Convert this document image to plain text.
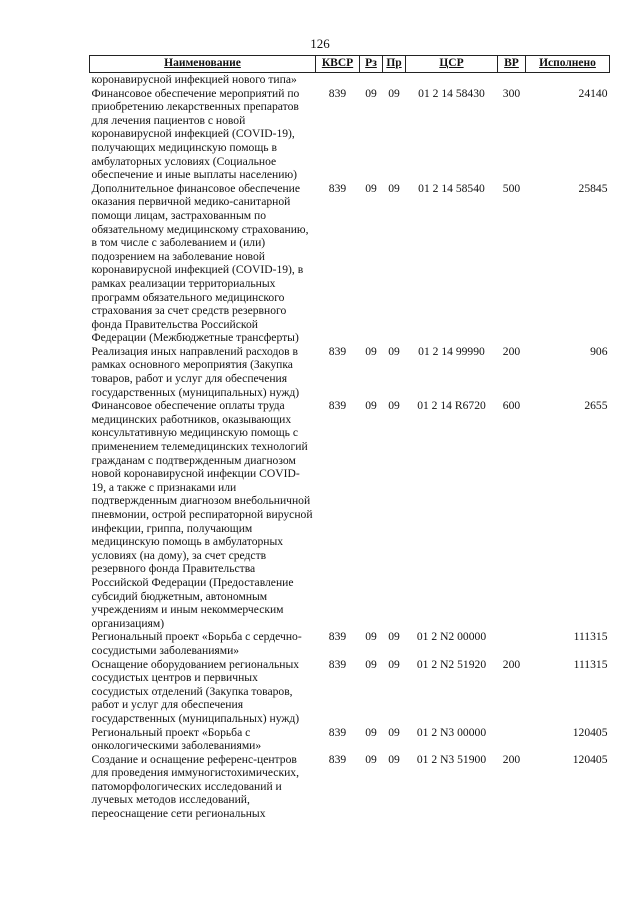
126
Наименование	КВСР	Рз	Пр	ЦСР	ВР	Исполнено
коронавирусной инфекцией нового типа»						
Финансовое обеспечение мероприятий по приобретению лекарственных препаратов для лечения пациентов с новой коронавирусной инфекцией (COVID-19), получающих медицинскую помощь в амбулаторных условиях (Социальное обеспечение и иные выплаты населению)	839	09	09	01 2 14 58430	300	24140
Дополнительное финансовое обеспечение оказания первичной медико-санитарной помощи лицам, застрахованным по обязательному медицинскому страхованию, в том числе с заболеванием и (или) подозрением на заболевание новой коронавирусной инфекцией (COVID-19), в рамках реализации территориальных программ обязательного медицинского страхования за счет средств резервного фонда Правительства Российской Федерации (Межбюджетные трансферты)	839	09	09	01 2 14 58540	500	25845
Реализация иных направлений расходов в рамках основного мероприятия (Закупка товаров, работ и услуг для обеспечения государственных (муниципальных) нужд)	839	09	09	01 2 14 99990	200	906
Финансовое обеспечение оплаты труда медицинских работников, оказывающих консультативную медицинскую помощь с применением телемедицинских технологий гражданам с подтвержденным диагнозом новой коронавирусной инфекции COVID-19, а также с признаками или подтвержденным диагнозом внебольничной пневмонии, острой респираторной вирусной инфекции, гриппа, получающим медицинскую помощь в амбулаторных условиях (на дому), за счет средств резервного фонда Правительства Российской Федерации (Предоставление субсидий бюджетным, автономным учреждениям и иным некоммерческим организациям)	839	09	09	01 2 14 R6720	600	2655
Региональный проект «Борьба с сердечно-сосудистыми заболеваниями»	839	09	09	01 2 N2 00000		111315
Оснащение оборудованием региональных сосудистых центров и первичных сосудистых отделений (Закупка товаров, работ и услуг для обеспечения государственных (муниципальных) нужд)	839	09	09	01 2 N2 51920	200	111315
Региональный проект «Борьба с онкологическими заболеваниями»	839	09	09	01 2 N3 00000		120405
Создание и оснащение референс-центров для проведения иммуногистохимических, патоморфологических исследований и лучевых методов исследований, переоснащение сети региональных	839	09	09	01 2 N3 51900	200	120405
